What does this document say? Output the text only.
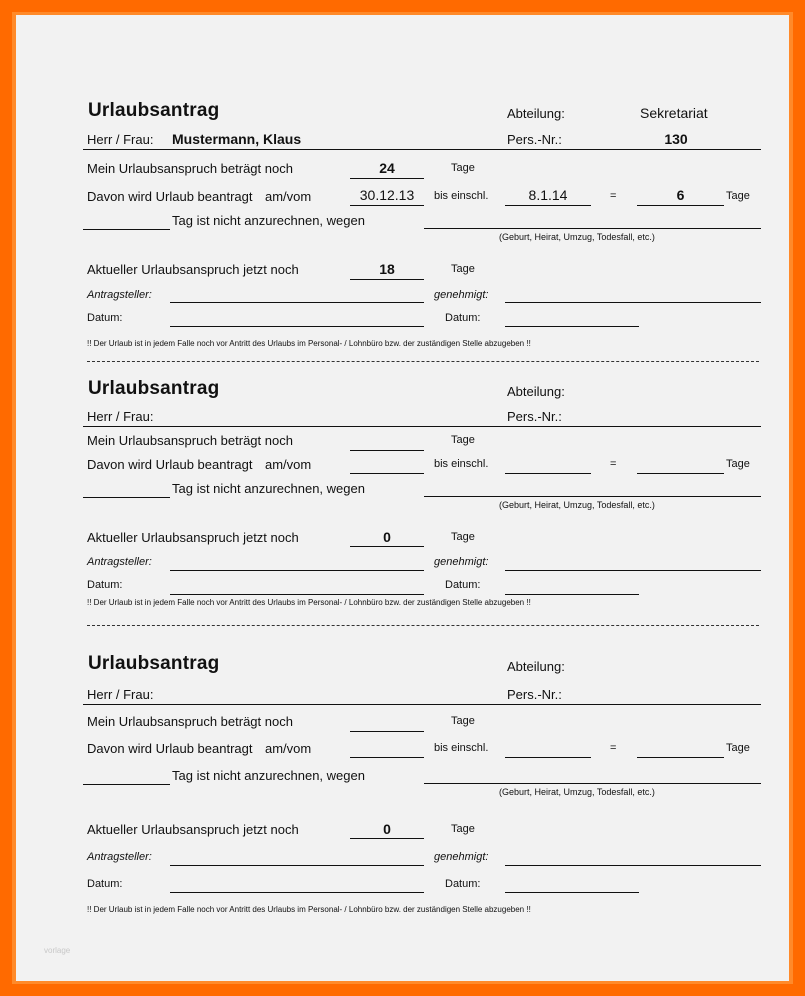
Urlaubsantrag	Abteilung:	Sekretariat
Herr / Frau: Mustermann, Klaus	Pers.-Nr.:	130
Mein Urlaubsanspruch beträgt noch	24	Tage
Davon wird Urlaub beantragt am/vom	30.12.13	bis einschl.	8.1.14	=	6	Tage
Tag ist nicht anzurechnen, wegen
(Geburt, Heirat, Umzug, Todesfall, etc.)
Aktueller Urlaubsanspruch jetzt noch	18	Tage
Antragsteller:	genehmigt:
Datum:	Datum:
!! Der Urlaub ist in jedem Falle noch vor Antritt des Urlaubs im Personal- / Lohnbüro bzw. der zuständigen Stelle abzugeben !!
Urlaubsantrag	Abteilung:
Herr / Frau:	Pers.-Nr.:
Mein Urlaubsanspruch beträgt noch	Tage
Davon wird Urlaub beantragt am/vom	bis einschl.	=	Tage
Tag ist nicht anzurechnen, wegen
(Geburt, Heirat, Umzug, Todesfall, etc.)
Aktueller Urlaubsanspruch jetzt noch	0	Tage
Antragsteller:	genehmigt:
Datum:	Datum:
!! Der Urlaub ist in jedem Falle noch vor Antritt des Urlaubs im Personal- / Lohnbüro bzw. der zuständigen Stelle abzugeben !!
Urlaubsantrag	Abteilung:
Herr / Frau:	Pers.-Nr.:
Mein Urlaubsanspruch beträgt noch	Tage
Davon wird Urlaub beantragt am/vom	bis einschl.	=	Tage
Tag ist nicht anzurechnen, wegen
(Geburt, Heirat, Umzug, Todesfall, etc.)
Aktueller Urlaubsanspruch jetzt noch	0	Tage
Antragsteller:	genehmigt:
Datum:	Datum:
!! Der Urlaub ist in jedem Falle noch vor Antritt des Urlaubs im Personal- / Lohnbüro bzw. der zuständigen Stelle abzugeben !!
vorlage
